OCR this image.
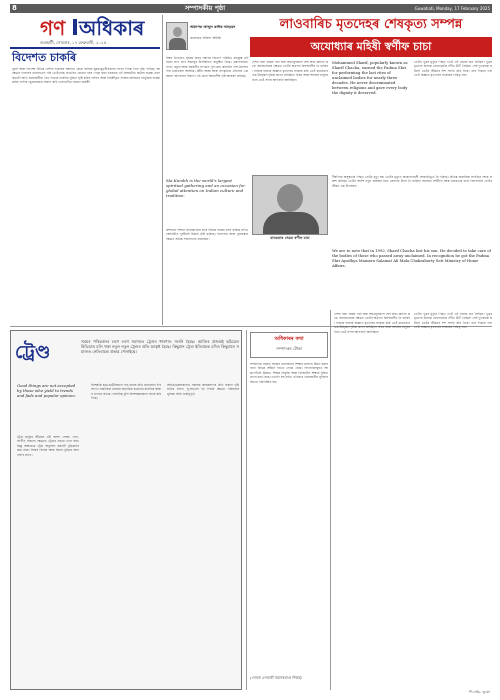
8	সম্পাদকীয় পৃষ্ঠা	Guwahati, Monday, 17 February 2025
গণ অধিকাৰ
গুৱাহাটী, সোমবাৰ, ১৭ ফেব্ৰুৱাৰী, ২০২৫
বিদেশত চাকৰি
দুবাই আৰু বিদেশৰ বিভিন্ন দেশলৈ চাকৰিৰ সন্ধানত যোৱা অসমৰ যুৱক-যুৱতীসকলৰ সংখ্যা দিনক দিনে বৃদ্ধি পাইছে। বহু ক্ষেত্ৰত দালালৰ প্ৰলোভনত পৰি তেওঁলোক প্ৰতাৰিত হোৱাৰ খবৰ পোৱা যায়। চৰকাৰে এই বিষয়টোত কঠোৰ ব্যৱস্থা গ্ৰহণ কৰাটো অতি প্ৰয়োজনীয়। বৈধ পথেৰে চাকৰিৰ সুবিধা সৃষ্টি কৰিব লাগিব আৰু নিবন্ধীকৃত সংস্থাৰ জৰিয়তে নিযুক্তিৰ ব্যৱস্থা কৰিব লাগিব। যুৱসমাজক সজাগ কৰি তোলাটোও সমানে জৰুৰী।
অধ্যাপক আব্দুল কাদিৰ আহমেদ
কলেজৰ প্ৰাক্তন অধ্যক্ষ
বিশ্বৰ ভিতৰতে বৃহত্তম মানৱ সমাগম হিচাপে পৰিচিত মহাকুম্ভ এইবাৰো লাখ লাখ শ্ৰদ্ধালুৰ উপস্থিতিত অনুষ্ঠিত হৈছে। প্ৰয়াগৰাজত গংগা, যমুনা আৰু সৰস্বতীৰ সংগমত পুণ্য স্নান কৰিবলৈ দেশ-বিদেশৰ পৰা ভক্তসকল আহিছে। ধৰ্মীয় আস্থা আৰু সাংস্কৃতিক ঐতিহ্যৰ এক অনন্য প্ৰতিফলন হিচাপে এই মেলা বিশ্ববাসীৰ দৃষ্টি আকৰ্ষণ কৰিছে।
Ma Kumbh is the world's largest spiritual gathering and an occasion for global attention on Indian culture and tradition.
প্ৰশাসনে বিশাল জনসমাগমৰ বাবে বিভিন্ন ব্যৱস্থা গ্ৰহণ কৰিছে যদিও কেইবাটাও দুৰ্ঘটনাই চিন্তাৰ সৃষ্টি কৰিছে। নিৰাপত্তা আৰু সুব্যৱস্থাৰ ক্ষেত্ৰত অধিক সজাগতাৰ প্ৰয়োজন।
লাওবাৰিচ মৃতদেহৰ শেষকৃত্য সম্পন্ন
অযোধ্যাৰ মহিষী স্বৰ্ণীফ চাচা
দেশৰ নানা প্ৰান্তৰ পৰা অহা শ্ৰদ্ধালুসকলে শেষ শ্ৰদ্ধা জ্ঞাপন কৰে। সমাজসেৱাৰ ক্ষেত্ৰত তেওঁৰ অৱদান চিৰস্মৰণীয় হৈ থাকিব। হাজাৰ হাজাৰ অজ্ঞাত মৃতদেহৰ সৎকাৰ কৰি তেওঁ মানৱতাৰ এক উজ্জ্বল দৃষ্টান্ত স্থাপন কৰিছিল। দৰিদ্ৰ আৰু অসহায় মানুহৰ বাবে তেওঁ সদায় আগবাঢ়ি আহিছিল।
Mohammed Sharif, popularly known as Sharif Chacha, earned the Padma Shri for performing the last rites of unclaimed bodies for nearly three decades. He never discriminated between religions and gave every body the dignity it deserved.
তেওঁৰ পুত্ৰৰ মৃত্যুৰ পিছত তেওঁ এই সেৱাৰ ব্ৰত লৈছিল। পুত্ৰৰ মৃতদেহ চিনাক্ত নোহোৱাকৈ নদীত উটি গৈছিল। সেই দুখজনক ঘটনাই তেওঁৰ জীৱনৰ দিশ সলনি কৰি দিয়ে। তাৰ পিছৰে পৰা তেওঁ অজ্ঞাত মৃতদেহৰ সৎকাৰৰ দায়িত্ব লয়।
মানৱতাৰ সেৱক স্বৰ্ণীফ চাচা
দীৰ্ঘদিনৰ অসুস্থতাৰ পিছত তেওঁৰ মৃত্যু হয়। তেওঁৰ মৃত্যুত অযোধ্যাবাসী শোকাভিভূত হৈ পৰিছে। বিভিন্ন সামাজিক সংগঠনে শোক প্ৰকাশ কৰিছে। তেওঁৰ আদৰ্শ নতুন প্ৰজন্মৰ বাবে প্ৰেৰণাৰ উৎস হৈ থাকিব। সমাজত সম্প্ৰীতি আৰু মানৱতাৰ বাৰ্তা বিয়পাবলৈ তেওঁৰ জীৱন এক উদাহৰণ।
We are to note that in 1992, Sharif Chacha lost his son. He decided to take care of the bodies of those who passed away unclaimed. In recognition he got the Padma Shri Ayodhya Mamaru Salamat Ali Mala Chakraborty Seti Ministry of Home Affairs.
পি.এইচ. ভুঞা
ট্ৰেণ্ড
সময়ৰ পৰিৱৰ্তনৰ লগে লগে সমাজত ট্ৰেণ্ডৰ ধাৰণাও সলনি হৈছে। আজিৰ প্ৰজন্মই ছচিয়েল মিডিয়াত চলি থকা নতুন নতুন ট্ৰেণ্ডৰ প্ৰতি আকৃষ্ট হৈছে। কিছুমান ট্ৰেণ্ড ইতিবাচক যদিও কিছুমানে সমাজত নেতিবাচক প্ৰভাৱ পেলাইছে।
Good things are not accepted by those who yield to trends and fads and popular opinion.
ট্ৰেণ্ড মানুহৰ জীৱনৰ এটা অংশ। ফেশ্বন, খাদ্য, সংগীত সকলো ক্ষেত্ৰতে ট্ৰেণ্ডৰ প্ৰভাৱ দেখা যায়। কিন্তু অন্ধভাৱে ট্ৰেণ্ড অনুসৰণ কৰাটো বুদ্ধিমানৰ কাম নহয়। নিজৰ বিবেক আৰু বিচাৰ বুদ্ধিৰে আগবাঢ়িব লাগে।
বিশেষকৈ ছাত্ৰ-ছাত্ৰীসকলে পঢ়া-শুনাৰ প্ৰতি মনোযোগ দিব লাগে। সামাজিক মাধ্যমৰ অত্যধিক ব্যৱহাৰে মানসিক স্বাস্থ্যৰ ওপৰত প্ৰভাৱ পেলাইছে বুলি বিশেষজ্ঞসকলে সতৰ্ক কৰি দিছে।
অভিভাৱকসকলেও সন্তানৰ কাৰ্যকলাপৰ প্ৰতি সজাগ দৃষ্টি ৰাখিব লাগে। সু-অভ্যাস গঢ় দিয়াৰ ক্ষেত্ৰত পৰিয়ালৰ ভূমিকা অতি গুৰুত্বপূৰ্ণ।
অধিকাৰৰ কথা
সম্পাদকৰ টোকা
সাম্প্ৰতিক সময়ত অসমৰ গ্ৰামাঞ্চলত শিক্ষাৰ মানদণ্ড উন্নত কৰাৰ বাবে বিভিন্ন আঁচনি হাতত লোৱা হৈছে। বিদ্যালয়সমূহত আন্তঃগাঁথনি উন্নয়ন, শিক্ষক নিযুক্তি আৰু ডিজিটেল শিক্ষাৰ সুবিধা প্ৰদান কৰা হৈছে। তথাপি বহু ঠাইত এতিয়াও প্ৰয়োজনীয় সুবিধাৰ অভাৱ পৰিলক্ষিত হয়।
(লেখক এগৰাকী অৱসৰপ্ৰাপ্ত শিক্ষক)
দেশৰ নানা প্ৰান্তৰ পৰা অহা শ্ৰদ্ধালুসকলে শেষ শ্ৰদ্ধা জ্ঞাপন কৰে। সমাজসেৱাৰ ক্ষেত্ৰত তেওঁৰ অৱদান চিৰস্মৰণীয় হৈ থাকিব। হাজাৰ হাজাৰ অজ্ঞাত মৃতদেহৰ সৎকাৰ কৰি তেওঁ মানৱতাৰ এক উজ্জ্বল দৃষ্টান্ত স্থাপন কৰিছিল। দৰিদ্ৰ আৰু অসহায় মানুহৰ বাবে তেওঁ সদায় আগবাঢ়ি আহিছিল।
তেওঁৰ পুত্ৰৰ মৃত্যুৰ পিছত তেওঁ এই সেৱাৰ ব্ৰত লৈছিল। পুত্ৰৰ মৃতদেহ চিনাক্ত নোহোৱাকৈ নদীত উটি গৈছিল। সেই দুখজনক ঘটনাই তেওঁৰ জীৱনৰ দিশ সলনি কৰি দিয়ে। তাৰ পিছৰে পৰা তেওঁ অজ্ঞাত মৃতদেহৰ সৎকাৰৰ দায়িত্ব লয়।
